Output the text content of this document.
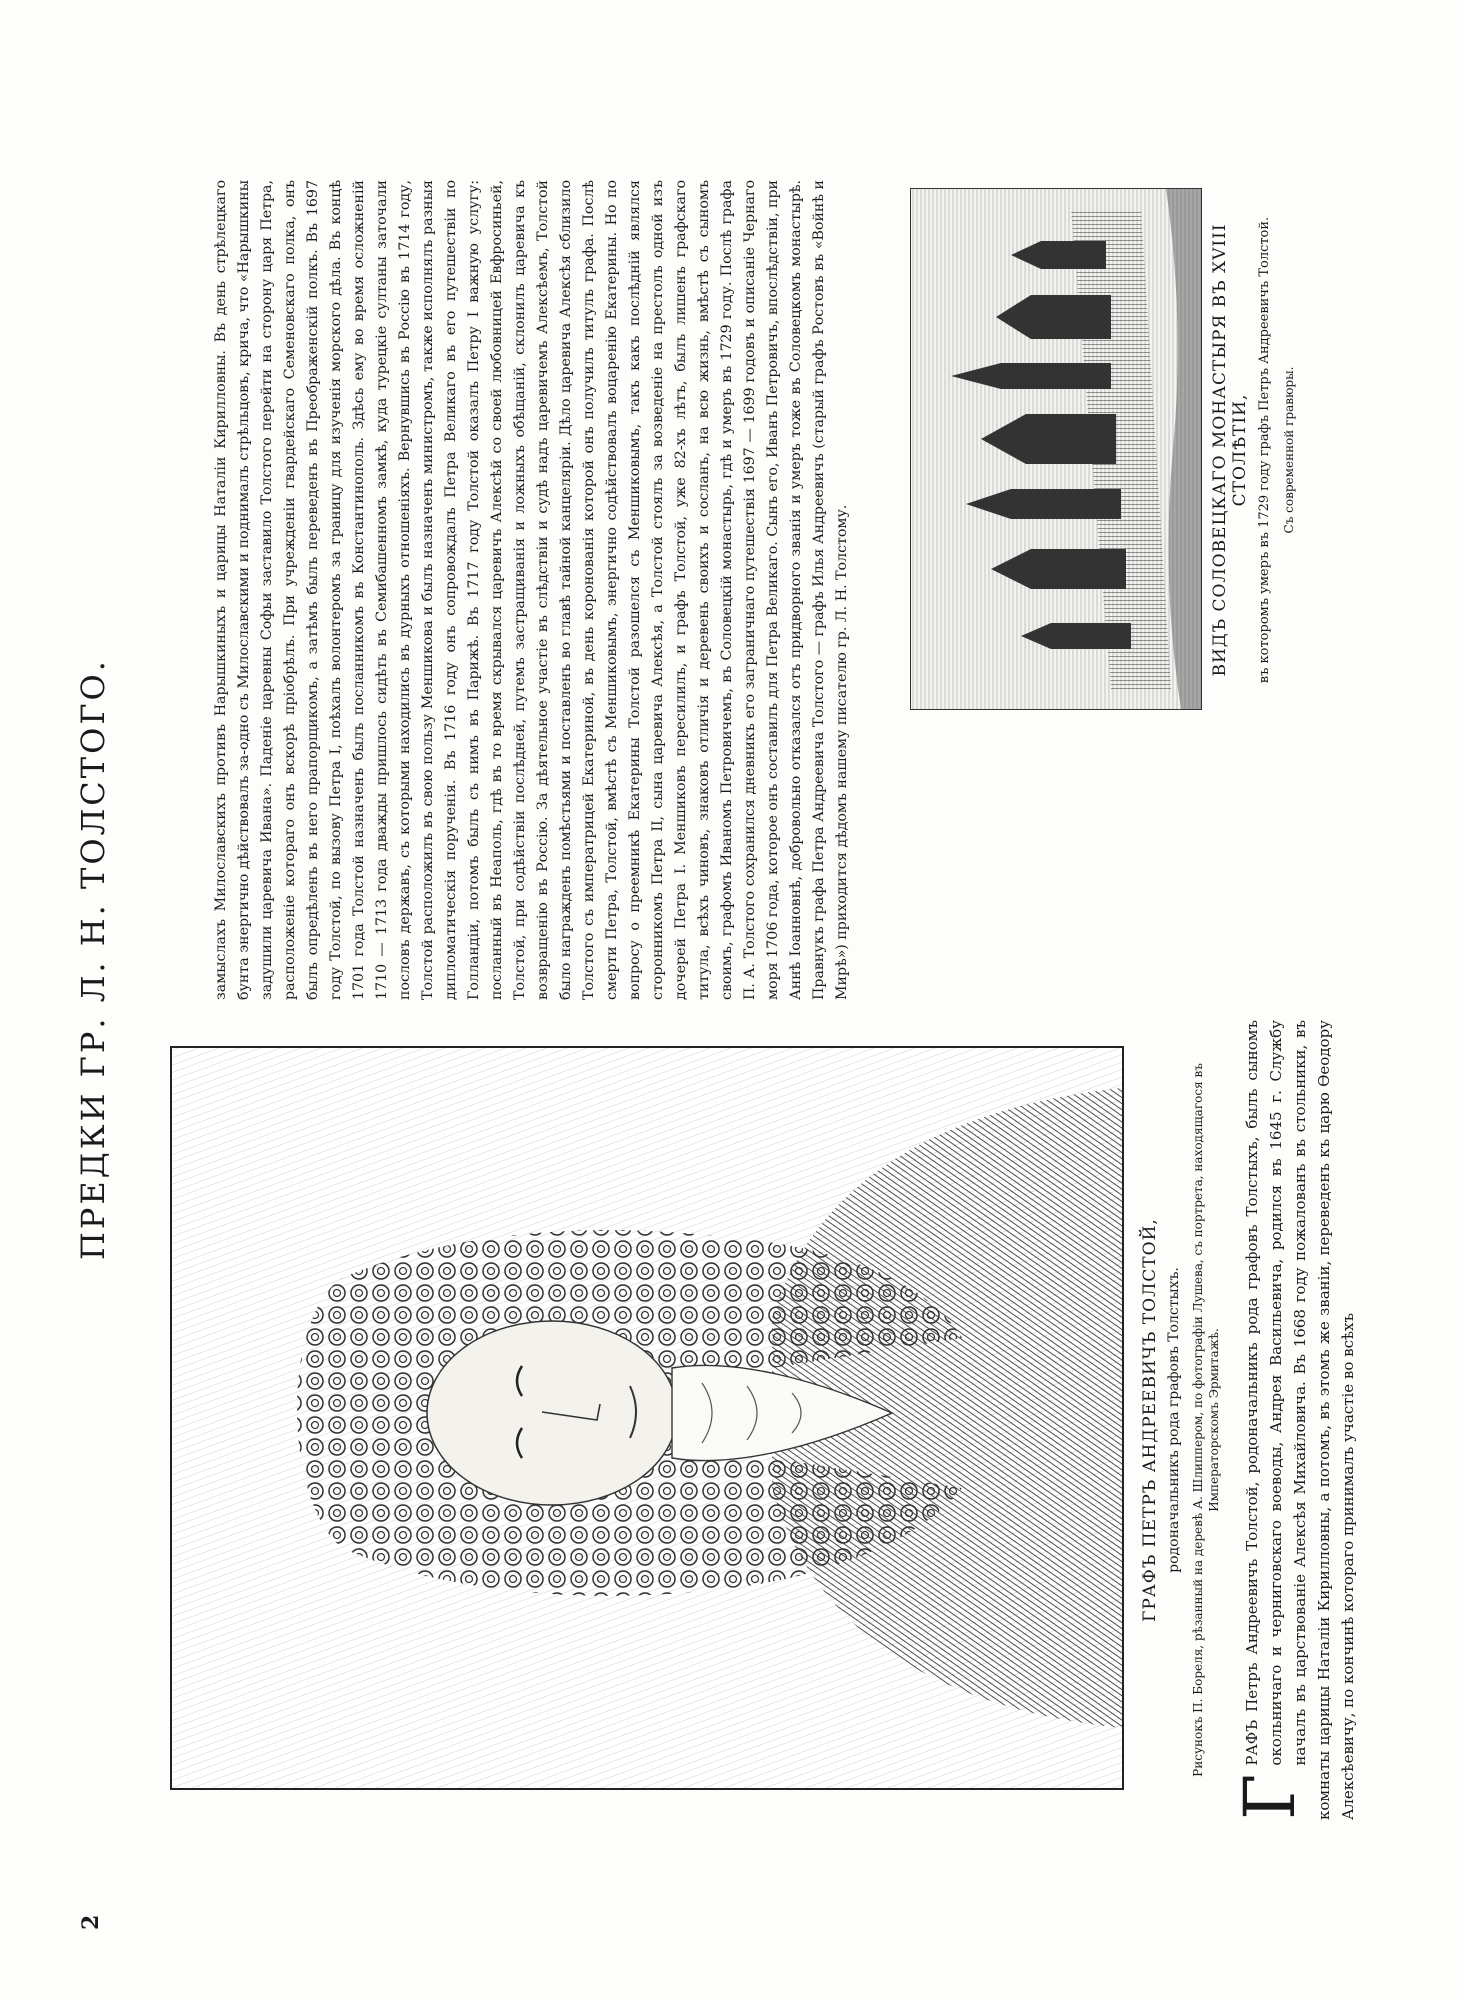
2
ПРЕДКИ ГР. Л. Н. ТОЛСТОГО.
ГРАФЪ ПЕТРЪ АНДРЕЕВИЧЪ ТОЛСТОЙ, родоначальникъ рода графовъ Толстыхъ. Рисунокъ П. Бореля, рѣзанный на деревѣ А. Шлиппером, по фотографіи Лушева, съ портрета, находящагося въ Императорскомъ Эрмитажѣ.
Г
РАФЪ Петръ Андреевичъ Толстой, родоначальникъ рода графовъ Толстыхъ, былъ сыномъ окольничаго и черниговскаго воеводы, Андрея Васильевича, родился въ 1645 г. Службу началъ въ царствованіе Алексѣя Михайловича. Въ 1668 году пожалованъ въ стольники, въ комнаты царицы Наталіи Кирилловны, а потомъ, въ этомъ же званіи, переведенъ къ царю Ѳеодору Алексѣевичу, по кончинѣ котораго принималъ участіе во всѣхъ

замыслахъ Милославскихъ противъ Нарышкиныхъ и царицы Наталіи Кирилловны. Въ день стрѣлецкаго бунта энергично дѣйствовалъ за-одно съ Милославскими и поднималъ стрѣльцовъ, крича, что «Нарышкины задушили царевича Ивана». Паденіе царевны Софьи заставило Толстого перейти на сторону царя Петра, расположеніе котораго онъ вскорѣ пріобрѣлъ. При учрежденіи гвардейскаго Семеновскаго полка, онъ былъ опредѣленъ въ него прапорщикомъ, а затѣмъ былъ переведенъ въ Преображенскій полкъ. Въ 1697 году Толстой, по вызову Петра I, поѣхалъ волонтеромъ за границу для изученія морского дѣла. Въ концѣ 1701 года Толстой назначенъ былъ посланникомъ въ Константинополь. Здѣсь ему во время осложненій 1710 — 1713 года дважды пришлось сидѣть въ Семибашенномъ замкѣ, куда турецкіе султаны заточали пословъ державъ, съ которыми находились въ дурныхъ отношеніяхъ. Вернувшись въ Россію въ 1714 году, Толстой расположилъ въ свою пользу Меншикова и былъ назначенъ министромъ, также исполнялъ разныя дипломатическія порученія. Въ 1716 году онъ сопровождалъ Петра Великаго въ его путешествіи по Голландіи, потомъ былъ съ нимъ въ Парижѣ. Въ 1717 году Толстой оказалъ Петру I важную услугу: посланный въ Неаполь, гдѣ въ то время скрывался царевичъ Алексѣй со своей любовницей Евфросиньей, Толстой, при содѣйствіи послѣдней, путемъ застращиванія и ложныхъ обѣщаній, склонилъ царевича къ возвращенію въ Россію. За дѣятельное участіе въ слѣдствіи и судѣ надъ царевичемъ Алексѣемъ, Толстой было награжденъ помѣстьями и поставленъ во главѣ тайной канцеляріи. Дѣло царевича Алексѣя сблизило Толстого съ императрицей Екатериной, въ день коронованія которой онъ получилъ титулъ графа. Послѣ смерти Петра, Толстой, вмѣстѣ съ Меншиковымъ, энергично содѣйствовалъ воцаренію Екатерины. Но по вопросу о преемникѣ Екатерины Толстой разошелся съ Меншиковымъ, такъ какъ послѣдній являлся сторонникомъ Петра II, сына царевича Алексѣя, а Толстой стоялъ за возведеніе на престолъ одной изъ дочерей Петра I. Меншиковъ пересилилъ, и графъ Толстой, уже 82-хъ лѣтъ, былъ лишенъ графскаго титула, всѣхъ чиновъ, знаковъ отличія и деревень своихъ и сосланъ, на всю жизнь, вмѣстѣ съ сыномъ своимъ, графомъ Иваномъ Петровичемъ, въ Соловецкій монастырь, гдѣ и умеръ въ 1729 году. Послѣ графа П. А. Толстого сохранился дневникъ его заграничнаго путешествія 1697 — 1699 годовъ и описаніе Чернаго моря 1706 года, которое онъ составилъ для Петра Великаго. Сынъ его, Иванъ Петровичъ, впослѣдствіи, при Аннѣ Іоанновнѣ, добровольно отказался отъ придворного званія и умеръ тоже въ Соловецкомъ монастырѣ. Правнукъ графа Петра Андреевича Толстого — графъ Илья Андреевичъ (старый графъ Ростовъ въ «Войнѣ и Мирѣ») приходится дѣдомъ нашему писателю гр. Л. Н. Толстому.

ВИДЪ СОЛОВЕЦКАГО МОНАСТЫРЯ ВЪ XVIII СТОЛѢТІИ, въ которомъ умеръ въ 1729 году графъ Петръ Андреевичъ Толстой. Съ современной гравюры.
